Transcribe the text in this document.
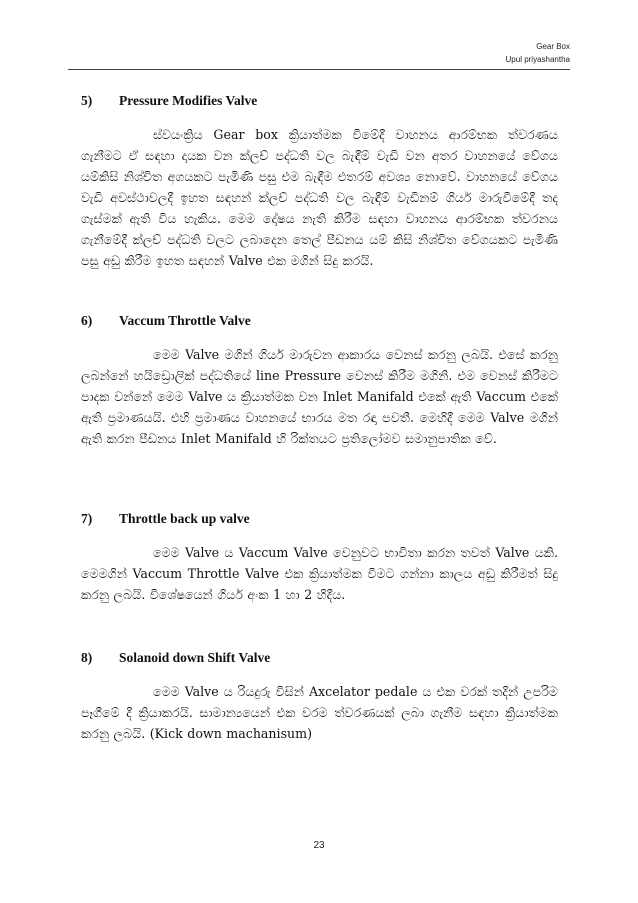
Gear Box
Upul priyashantha
5)	Pressure Modifies Valve
ස්වයංක්‍රිය Gear box ක්‍රියාත්මක වීමේදී වාහනය ආරම්භක ත්වරණය ගැනීමට ඒ සඳහා දායක වන ක්ලච් පද්ධති වල බැඳීම් වැඩි වන අතර වාහනයේ වේගය යම්කිසි නිශ්චිත අගයකට පැමිණි පසු එම බැඳීම එතරම් අවශ්‍ය නොවේ. වාහනයේ වේගය වැඩි අවස්ථාවලදී ඉහත සඳහන් ක්ලච් පද්ධති වල බැඳීම් වැඩිනම් ගියර් මාරුවීමේදී තද ගැස්මක් ඇති විය හැකිය. මෙම දෝෂය නැති කිරීම සඳහා වාහනය ආරම්භක ත්වරනය ගැනීමේදී ක්ලච් පද්ධති වලට ලබාදෙන තෙල් පීඩනය යම් කිසි නිශ්චිත වේගයකට පැමිණි පසු අඩු කිරීම ඉහත සඳහන් Valve එක මගින් සිදු කරයි.
6)	Vaccum Throttle Valve
මෙම Valve මගින් ගියර් මාරුවන ආකාරය වෙනස් කරනු ලබයි. එසේ කරනු ලබන්නේ හයිඩ්‍රොලික් පද්ධතියේ line Pressure වෙනස් කිරීම මගිනි. එම වෙනස් කිරීමට පාදක වන්නේ මෙම Valve ය ක්‍රියාත්මක වන Inlet Manifald එකේ ඇති Vaccum එකේ ඇති ප්‍රමාණයයි. එහි ප්‍රමාණය වාහනයේ භාරය මත රඳා පවතී. මෙහිදී මෙම Valve මගින් ඇති කරන පීඩනය Inlet Manifald හි රික්තයට ප්‍රතිලෝමව සමානුපාතික වේ.
7)	Throttle back up valve
මෙම Valve ය Vaccum Valve වෙනුවට භාවිතා කරන තවත් Valve යකි. මෙමගින් Vaccum Throttle Valve එක ක්‍රියාත්මක වීමට ගන්නා කාලය අඩු කිරීමත් සිදු කරනු ලබයි. විශේෂයෙන් ගියර් අංක 1 හා 2 හිදීය.
8)	Solanoid down Shift Valve
මෙම Valve ය රියදුරු විසින් Axcelator pedale ය එක වරක් තදින් උපරිම පෑගීමේ දී ක්‍රියාකරයි. සාමාන්‍යයෙන් එක වරම ත්වරණයක් ලබා ගැනීම සඳහා ක්‍රියාත්මක කරනු ලබයි. (Kick down machanisum)
23
